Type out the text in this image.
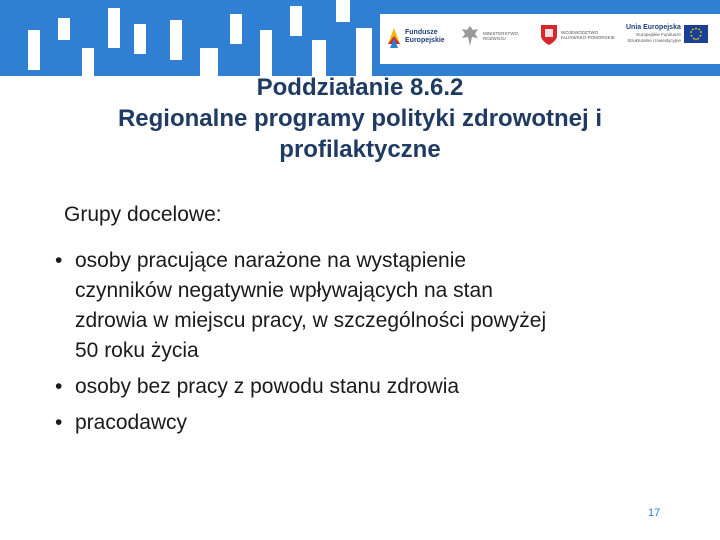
Fundusze
Europejskie
MINISTERSTWO
ROZWOJU
WOJEWÓDZTWO
KUJAWSKO-POMORSKIE
Unia Europejska
Europejskie Fundusze
Strukturalne i Inwestycyjne
Poddziałanie 8.6.2
Regionalne programy polityki zdrowotnej i
profilaktyczne
Grupy docelowe:
• osoby pracujące narażone na wystąpienie
czynników negatywnie wpływających na stan
zdrowia w miejscu pracy, w szczególności powyżej
50 roku życia
• osoby bez pracy z powodu stanu zdrowia
• pracodawcy
17
